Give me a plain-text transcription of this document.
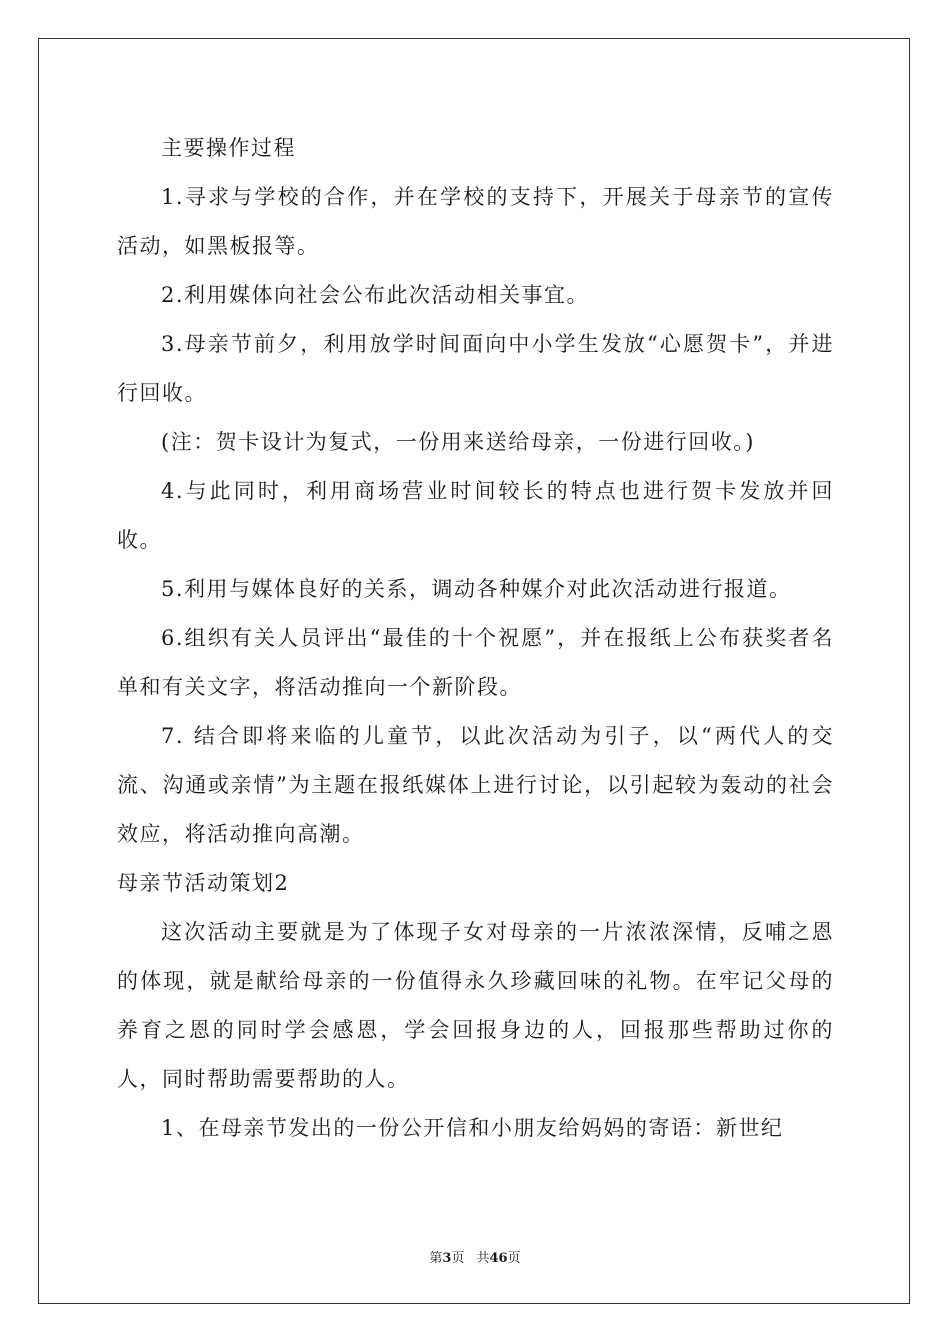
主要操作过程

1.寻求与学校的合作，并在学校的支持下，开展关于母亲节的宣传活动，如黑板报等。

2.利用媒体向社会公布此次活动相关事宜。

3.母亲节前夕，利用放学时间面向中小学生发放“心愿贺卡”，并进行回收。

(注：贺卡设计为复式，一份用来送给母亲，一份进行回收。)

4.与此同时，利用商场营业时间较长的特点也进行贺卡发放并回收。

5.利用与媒体良好的关系，调动各种媒介对此次活动进行报道。

6.组织有关人员评出“最佳的十个祝愿”，并在报纸上公布获奖者名单和有关文字，将活动推向一个新阶段。

7. 结合即将来临的儿童节，以此次活动为引子，以“两代人的交流、沟通或亲情”为主题在报纸媒体上进行讨论，以引起较为轰动的社会效应，将活动推向高潮。

母亲节活动策划2

这次活动主要就是为了体现子女对母亲的一片浓浓深情，反哺之恩的体现，就是献给母亲的一份值得永久珍藏回味的礼物。在牢记父母的养育之恩的同时学会感恩，学会回报身边的人，回报那些帮助过你的人，同时帮助需要帮助的人。

1、在母亲节发出的一份公开信和小朋友给妈妈的寄语：新世纪

第3页 共46页
